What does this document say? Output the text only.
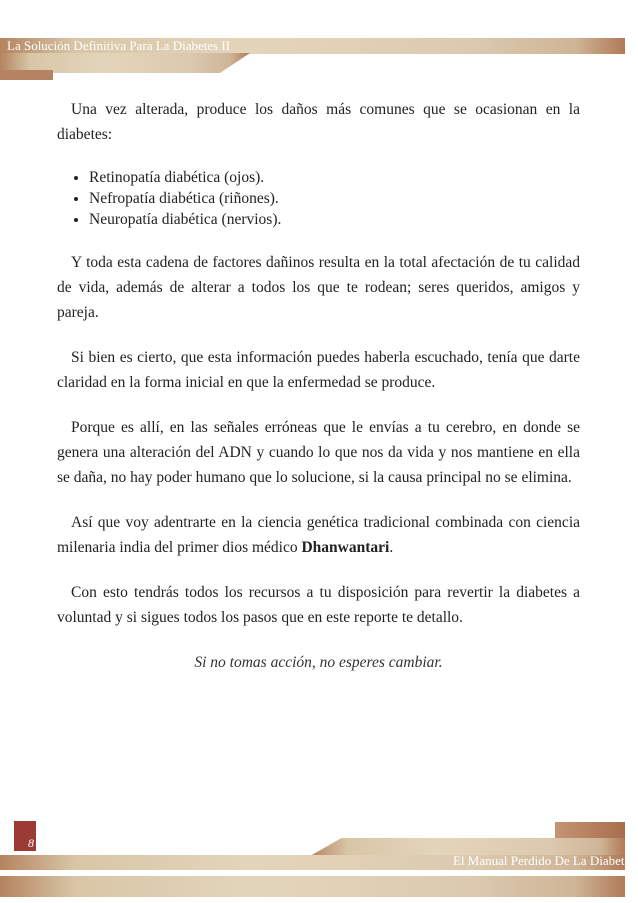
La Solución Definitiva Para La Diabetes II

Una vez alterada, produce los daños más comunes que se ocasionan en la diabetes:

• Retinopatía diabética (ojos).
• Nefropatía diabética (riñones).
• Neuropatía diabética (nervios).

Y toda esta cadena de factores dañinos resulta en la total afectación de tu calidad de vida, además de alterar a todos los que te rodean; seres queridos, amigos y pareja.

Si bien es cierto, que esta información puedes haberla escuchado, tenía que darte claridad en la forma inicial en que la enfermedad se produce.

Porque es allí, en las señales erróneas que le envías a tu cerebro, en donde se genera una alteración del ADN y cuando lo que nos da vida y nos mantiene en ella se daña, no hay poder humano que lo solucione, si la causa principal no se elimina.

Así que voy adentrarte en la ciencia genética tradicional combinada con ciencia milenaria india del primer dios médico Dhanwantari.

Con esto tendrás todos los recursos a tu disposición para revertir la diabetes a voluntad y si sigues todos los pasos que en este reporte te detallo.

Si no tomas acción, no esperes cambiar.

8
El Manual Perdido De La Diabetes
